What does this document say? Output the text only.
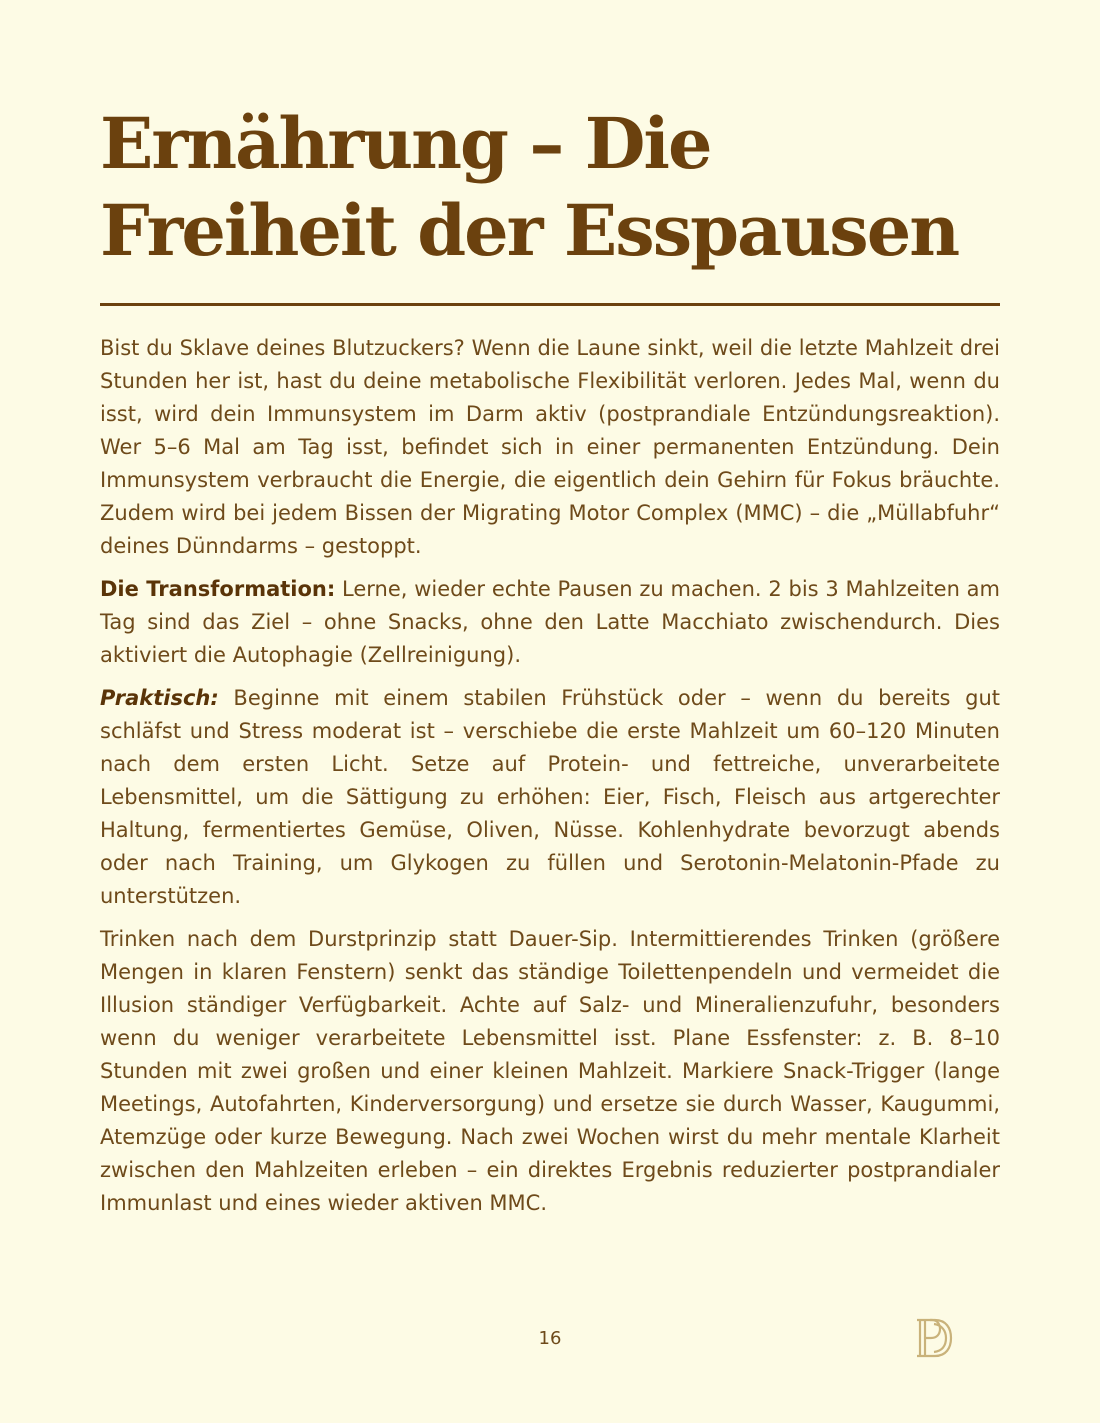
Ernährung – Die Freiheit der Esspausen

Bist du Sklave deines Blutzuckers? Wenn die Laune sinkt, weil die letzte Mahlzeit drei Stunden her ist, hast du deine metabolische Flexibilität verloren. Jedes Mal, wenn du isst, wird dein Immunsystem im Darm aktiv (postprandiale Entzündungsreaktion). Wer 5–6 Mal am Tag isst, befindet sich in einer permanenten Entzündung. Dein Immunsystem verbraucht die Energie, die eigentlich dein Gehirn für Fokus bräuchte. Zudem wird bei jedem Bissen der Migrating Motor Complex (MMC) – die „Müllabfuhr“ deines Dünndarms – gestoppt.

Die Transformation: Lerne, wieder echte Pausen zu machen. 2 bis 3 Mahlzeiten am Tag sind das Ziel – ohne Snacks, ohne den Latte Macchiato zwischendurch. Dies aktiviert die Autophagie (Zellreinigung).

Praktisch: Beginne mit einem stabilen Frühstück oder – wenn du bereits gut schläfst und Stress moderat ist – verschiebe die erste Mahlzeit um 60–120 Minuten nach dem ersten Licht. Setze auf Protein- und fettreiche, unverarbeitete Lebensmittel, um die Sättigung zu erhöhen: Eier, Fisch, Fleisch aus artgerechter Haltung, fermentiertes Gemüse, Oliven, Nüsse. Kohlenhydrate bevorzugt abends oder nach Training, um Glykogen zu füllen und Serotonin-Melatonin-Pfade zu unterstützen.

Trinken nach dem Durstprinzip statt Dauer-Sip. Intermittierendes Trinken (größere Mengen in klaren Fenstern) senkt das ständige Toilettenpendeln und vermeidet die Illusion ständiger Verfügbarkeit. Achte auf Salz- und Mineralienzufuhr, besonders wenn du weniger verarbeitete Lebensmittel isst. Plane Essfenster: z. B. 8–10 Stunden mit zwei großen und einer kleinen Mahlzeit. Markiere Snack-Trigger (lange Meetings, Autofahrten, Kinderversorgung) und ersetze sie durch Wasser, Kaugummi, Atemzüge oder kurze Bewegung. Nach zwei Wochen wirst du mehr mentale Klarheit zwischen den Mahlzeiten erleben – ein direktes Ergebnis reduzierter postprandialer Immunlast und eines wieder aktiven MMC.

16
